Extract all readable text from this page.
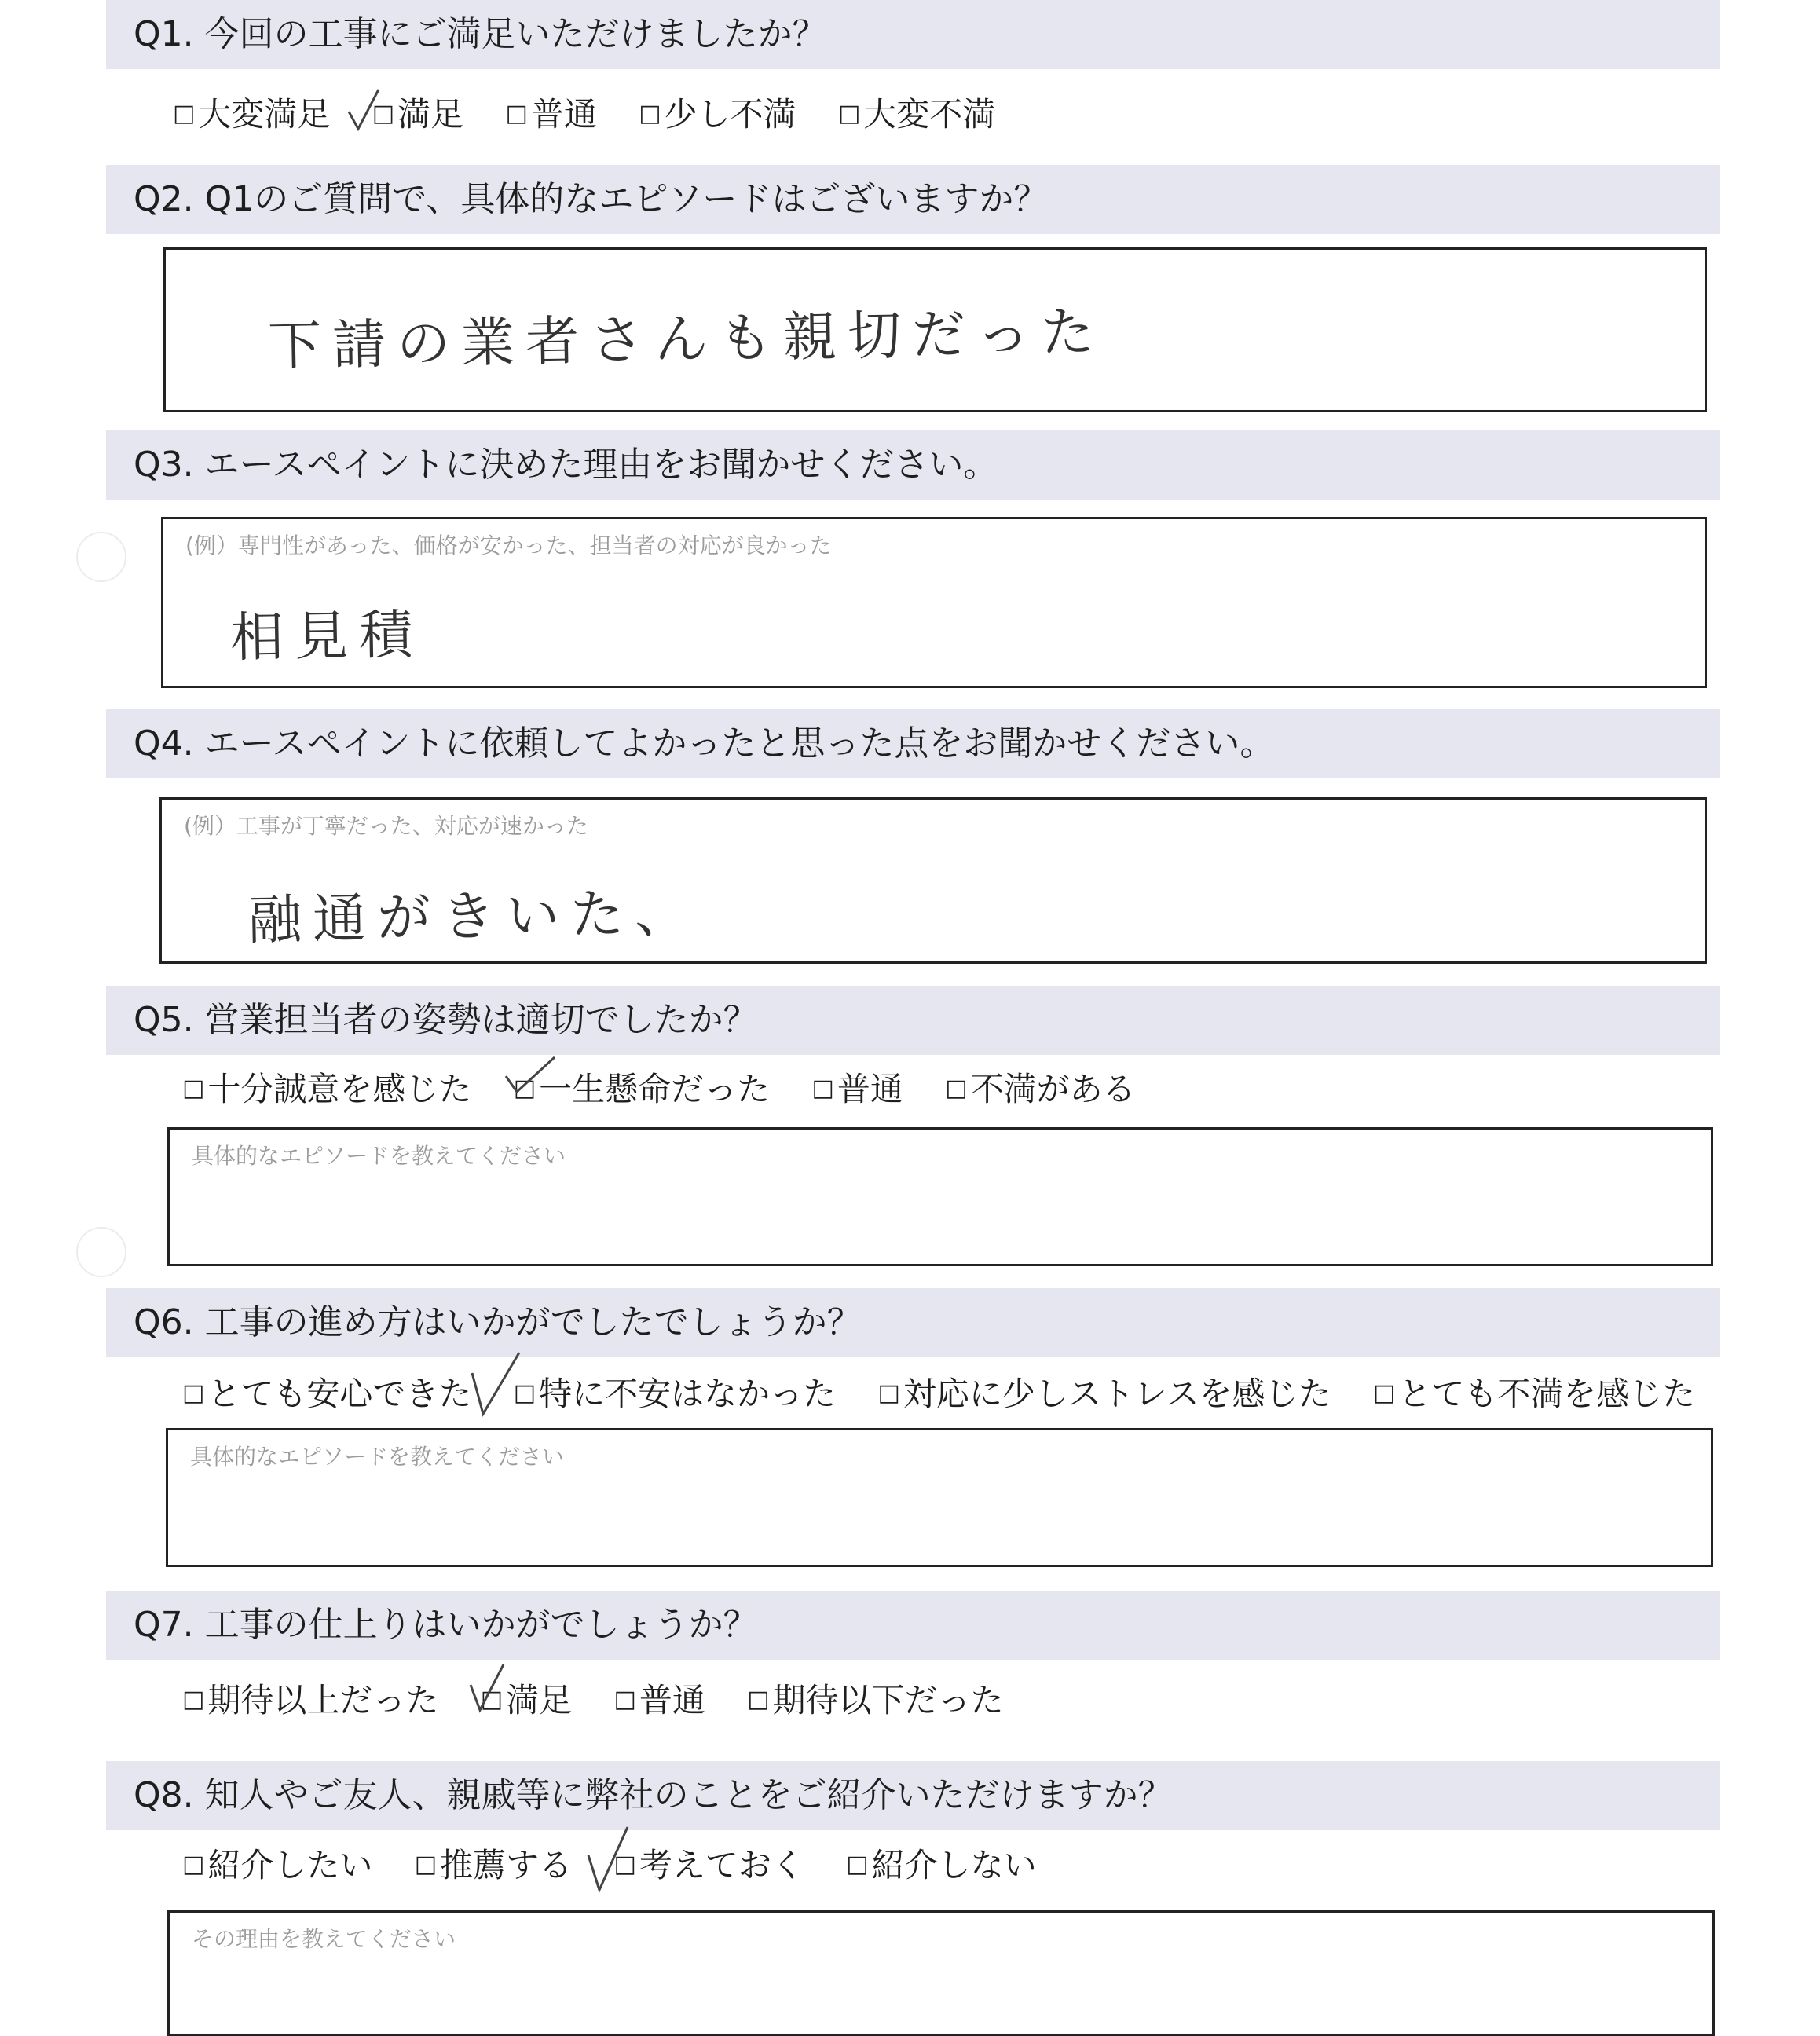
Q1. 今回の工事にご満足いただけましたか？
□大変満足 □満足 □普通 □少し不満 □大変不満
Q2. Q1のご質問で、具体的なエピソードはございますか？
下請の業者さんも親切だった
Q3. エースペイントに決めた理由をお聞かせください。
(例）専門性があった、価格が安かった、担当者の対応が良かった
相見積
Q4. エースペイントに依頼してよかったと思った点をお聞かせください。
(例）工事が丁寧だった、対応が速かった
融通がきいた、
Q5. 営業担当者の姿勢は適切でしたか？
□十分誠意を感じた □一生懸命だった □普通 □不満がある
具体的なエピソードを教えてください
Q6. 工事の進め方はいかがでしたでしょうか？
□とても安心できた □特に不安はなかった □対応に少しストレスを感じた □とても不満を感じた
具体的なエピソードを教えてください
Q7. 工事の仕上りはいかがでしょうか？
□期待以上だった □満足 □普通 □期待以下だった
Q8. 知人やご友人、親戚等に弊社のことをご紹介いただけますか？
□紹介したい □推薦する □考えておく □紹介しない
その理由を教えてください
